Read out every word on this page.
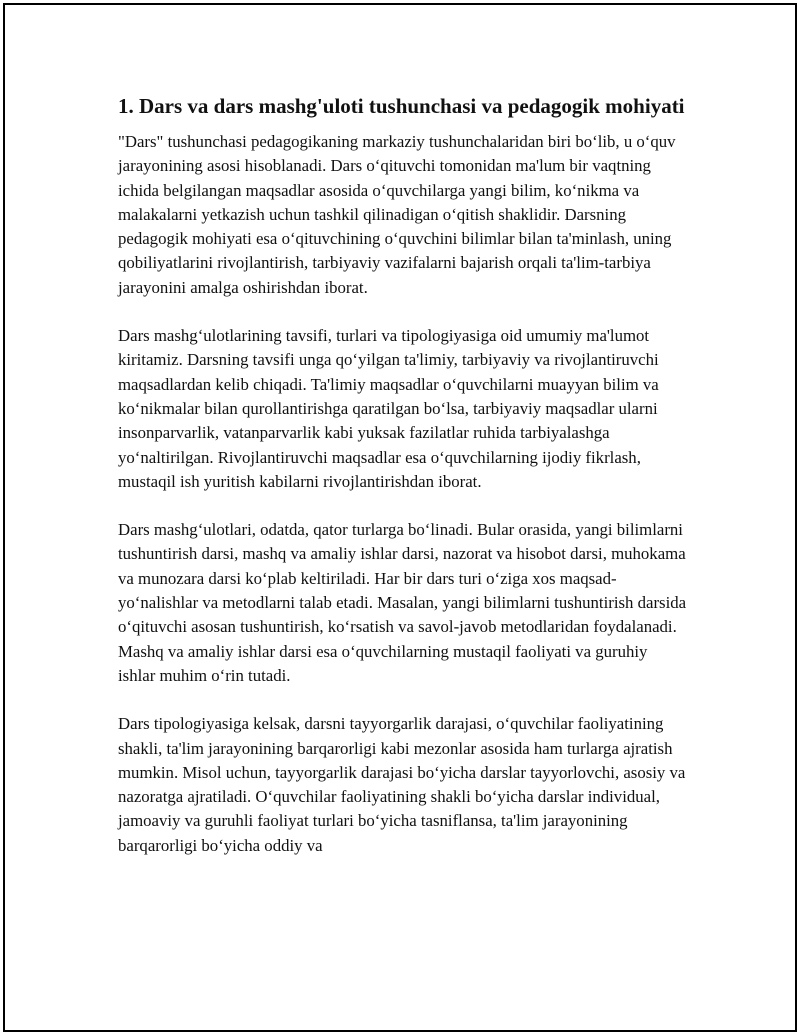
1. Dars va dars mashg'uloti tushunchasi va pedagogik mohiyati

"Dars" tushunchasi pedagogikaning markaziy tushunchalaridan biri bo‘lib, u o‘quv jarayonining asosi hisoblanadi. Dars o‘qituvchi tomonidan ma'lum bir vaqtning ichida belgilangan maqsadlar asosida o‘quvchilarga yangi bilim, ko‘nikma va malakalarni yetkazish uchun tashkil qilinadigan o‘qitish shaklidir. Darsning pedagogik mohiyati esa o‘qituvchining o‘quvchini bilimlar bilan ta'minlash, uning qobiliyatlarini rivojlantirish, tarbiyaviy vazifalarni bajarish orqali ta'lim-tarbiya jarayonini amalga oshirishdan iborat.

Dars mashg‘ulotlarining tavsifi, turlari va tipologiyasiga oid umumiy ma'lumot kiritamiz. Darsning tavsifi unga qo‘yilgan ta'limiy, tarbiyaviy va rivojlantiruvchi maqsadlardan kelib chiqadi. Ta'limiy maqsadlar o‘quvchilarni muayyan bilim va ko‘nikmalar bilan qurollantirishga qaratilgan bo‘lsa, tarbiyaviy maqsadlar ularni insonparvarlik, vatanparvarlik kabi yuksak fazilatlar ruhida tarbiyalashga yo‘naltirilgan. Rivojlantiruvchi maqsadlar esa o‘quvchilarning ijodiy fikrlash, mustaqil ish yuritish kabilarni rivojlantirishdan iborat.

Dars mashg‘ulotlari, odatda, qator turlarga bo‘linadi. Bular orasida, yangi bilimlarni tushuntirish darsi, mashq va amaliy ishlar darsi, nazorat va hisobot darsi, muhokama va munozara darsi ko‘plab keltiriladi. Har bir dars turi o‘ziga xos maqsad-yo‘nalishlar va metodlarni talab etadi. Masalan, yangi bilimlarni tushuntirish darsida o‘qituvchi asosan tushuntirish, ko‘rsatish va savol-javob metodlaridan foydalanadi. Mashq va amaliy ishlar darsi esa o‘quvchilarning mustaqil faoliyati va guruhiy ishlar muhim o‘rin tutadi.

Dars tipologiyasiga kelsak, darsni tayyorgarlik darajasi, o‘quvchilar faoliyatining shakli, ta'lim jarayonining barqarorligi kabi mezonlar asosida ham turlarga ajratish mumkin. Misol uchun, tayyorgarlik darajasi bo‘yicha darslar tayyorlovchi, asosiy va nazoratga ajratiladi. O‘quvchilar faoliyatining shakli bo‘yicha darslar individual, jamoaviy va guruhli faoliyat turlari bo‘yicha tasniflansa, ta'lim jarayonining barqarorligi bo‘yicha oddiy va
